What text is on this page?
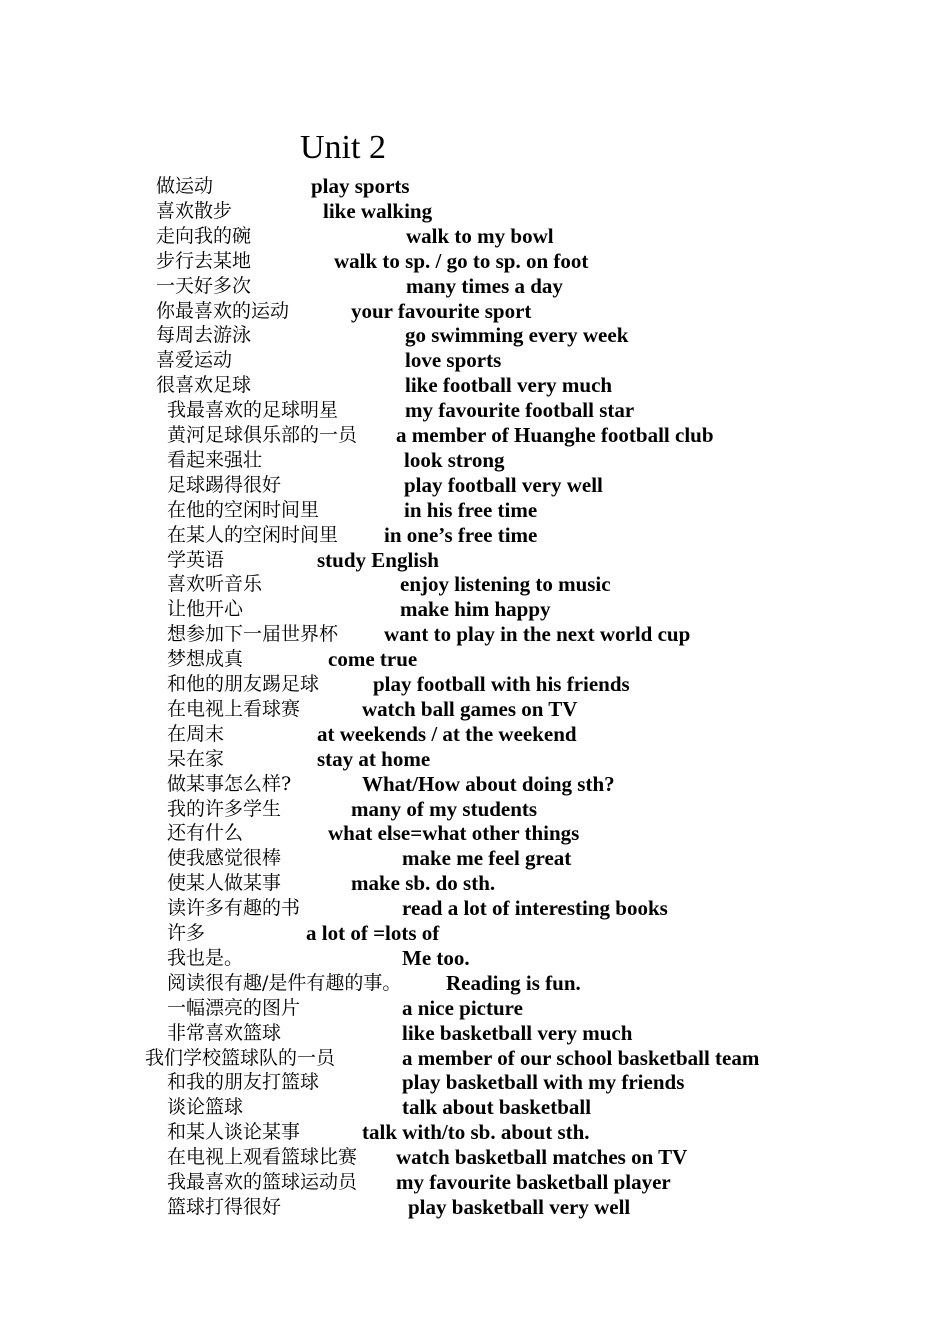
Unit 2
做运动	play sports
喜欢散步	like walking
走向我的碗	walk to my bowl
步行去某地	walk to sp. / go to sp. on foot
一天好多次	many times a day
你最喜欢的运动	your favourite sport
每周去游泳	go swimming every week
喜爱运动	love sports
很喜欢足球	like football very much
我最喜欢的足球明星	my favourite football star
黄河足球俱乐部的一员 a member of Huanghe football club
看起来强壮	look strong
足球踢得很好	play football very well
在他的空闲时间里	in his free time
在某人的空闲时间里 in one’s free time
学英语	study English
喜欢听音乐	enjoy listening to music
让他开心	make him happy
想参加下一届世界杯 want to play in the next world cup
梦想成真	come true
和他的朋友踢足球	play football with his friends
在电视上看球赛	watch ball games on TV
在周末	at weekends / at the weekend
呆在家	stay at home
做某事怎么样?	What/How about doing sth?
我的许多学生	many of my students
还有什么	what else=what other things
使我感觉很棒	make me feel great
使某人做某事	make sb. do sth.
读许多有趣的书	read a lot of interesting books
许多	a lot of =lots of
我也是。	Me too.
阅读很有趣/是件有趣的事。 Reading is fun.
一幅漂亮的图片	a nice picture
非常喜欢篮球	like basketball very much
我们学校篮球队的一员	a member of our school basketball team
和我的朋友打篮球	play basketball with my friends
谈论篮球	talk about basketball
和某人谈论某事	talk with/to sb. about sth.
在电视上观看篮球比赛 watch basketball matches on TV
我最喜欢的篮球运动员 my favourite basketball player
篮球打得很好	play basketball very well
